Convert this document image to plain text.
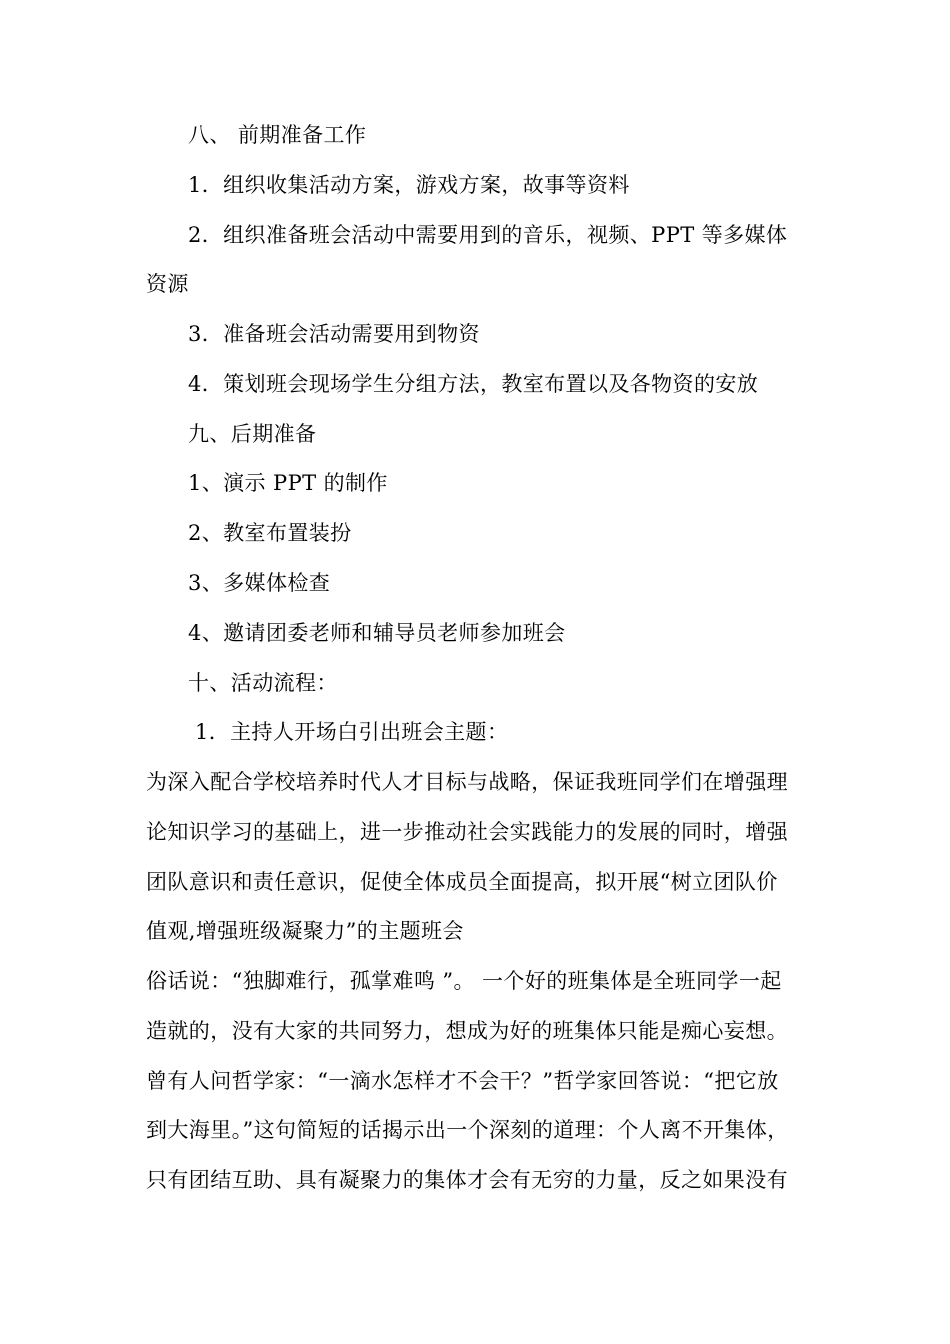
八、 前期准备工作
1．组织收集活动方案，游戏方案，故事等资料
2．组织准备班会活动中需要用到的音乐，视频、PPT 等多媒体
资源
3．准备班会活动需要用到物资
4．策划班会现场学生分组方法，教室布置以及各物资的安放
九、后期准备
1、演示 PPT 的制作
2、教室布置装扮
3、多媒体检查
4、邀请团委老师和辅导员老师参加班会
十、活动流程：
1．主持人开场白引出班会主题：
为深入配合学校培养时代人才目标与战略，保证我班同学们在增强理
论知识学习的基础上，进一步推动社会实践能力的发展的同时，增强
团队意识和责任意识，促使全体成员全面提高，拟开展“树立团队价
值观,增强班级凝聚力”的主题班会
俗话说：“独脚难行，孤掌难鸣 ”。 一个好的班集体是全班同学一起
造就的，没有大家的共同努力，想成为好的班集体只能是痴心妄想。
曾有人问哲学家：“一滴水怎样才不会干？”哲学家回答说：“把它放
到大海里。”这句简短的话揭示出一个深刻的道理：个人离不开集体，
只有团结互助、具有凝聚力的集体才会有无穷的力量，反之如果没有
